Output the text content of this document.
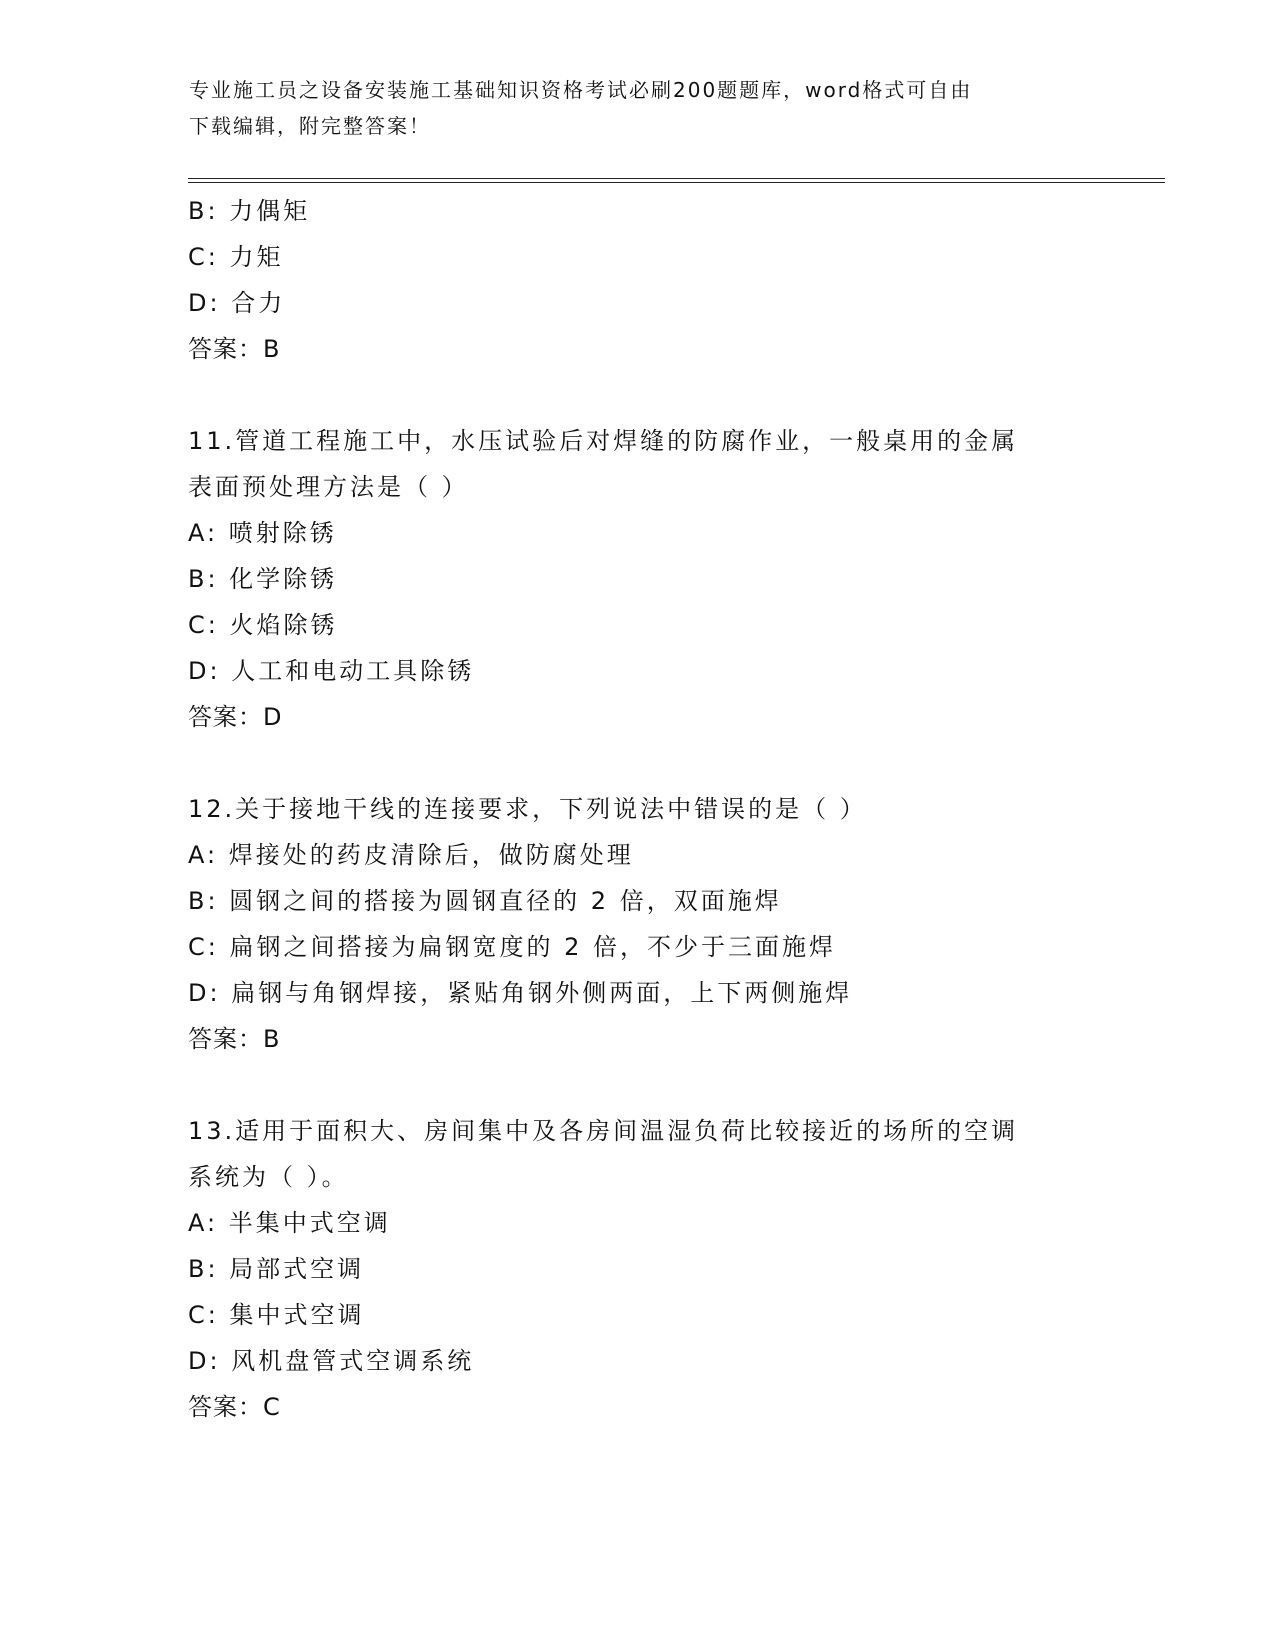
专业施工员之设备安装施工基础知识资格考试必刷200题题库，word格式可自由
下载编辑，附完整答案！
B: 力偶矩
C: 力矩
D: 合力
答案：B
11.管道工程施工中，水压试验后对焊缝的防腐作业，一般桌用的金属
表面预处理方法是（ ）
A: 喷射除锈
B: 化学除锈
C: 火焰除锈
D: 人工和电动工具除锈
答案：D
12.关于接地干线的连接要求，下列说法中错误的是（ ）
A: 焊接处的药皮清除后，做防腐处理
B: 圆钢之间的搭接为圆钢直径的 2 倍，双面施焊
C: 扁钢之间搭接为扁钢宽度的 2 倍，不少于三面施焊
D: 扁钢与角钢焊接，紧贴角钢外侧两面，上下两侧施焊
答案：B
13.适用于面积大、房间集中及各房间温湿负荷比较接近的场所的空调
系统为（ ）。
A: 半集中式空调
B: 局部式空调
C: 集中式空调
D: 风机盘管式空调系统
答案：C
